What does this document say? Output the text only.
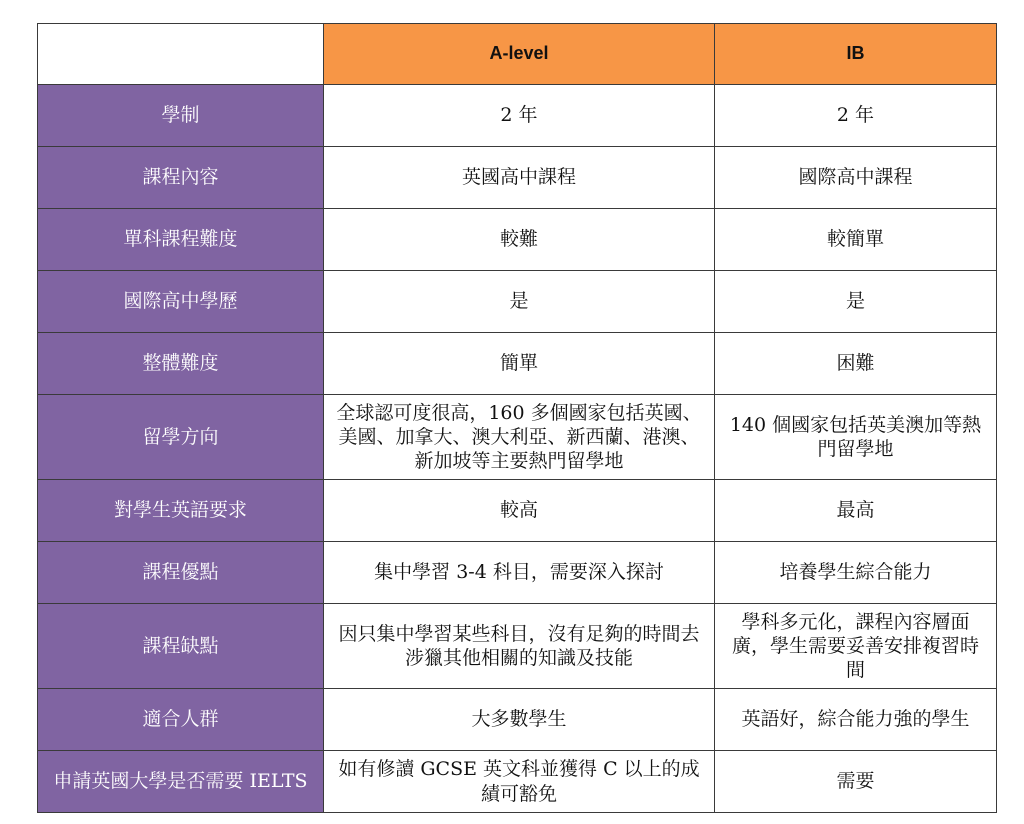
	A-level	IB
學制	2 年	2 年
課程內容	英國高中課程	國際高中課程
單科課程難度	較難	較簡單
國際高中學歷	是	是
整體難度	簡單	困難
留學方向	全球認可度很高，160 多個國家包括英國、美國、加拿大、澳大利亞、新西蘭、港澳、新加坡等主要熱門留學地	140 個國家包括英美澳加等熱門留學地
對學生英語要求	較高	最高
課程優點	集中學習 3-4 科目，需要深入探討	培養學生綜合能力
課程缺點	因只集中學習某些科目，沒有足夠的時間去涉獵其他相關的知識及技能	學科多元化，課程內容層面廣，學生需要妥善安排複習時間
適合人群	大多數學生	英語好，綜合能力強的學生
申請英國大學是否需要 IELTS	如有修讀 GCSE 英文科並獲得 C 以上的成績可豁免	需要
